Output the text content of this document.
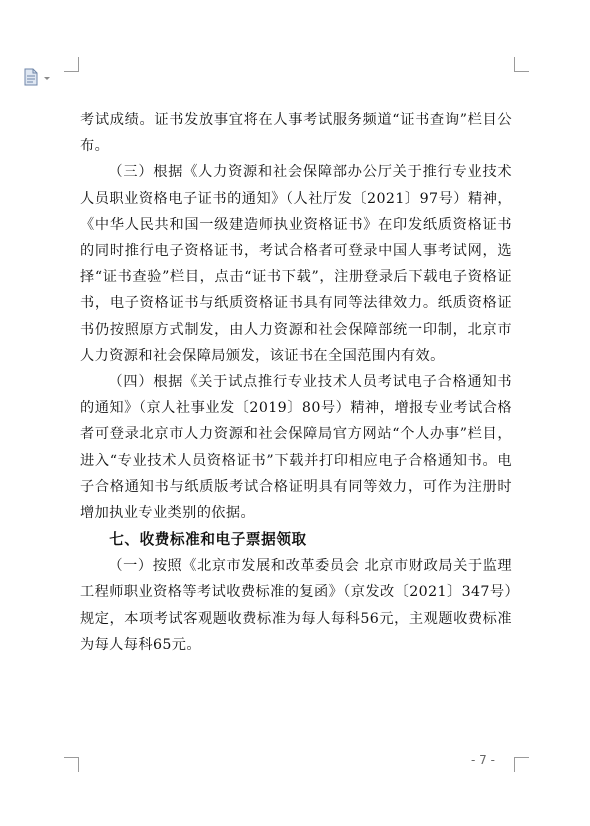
考试成绩。证书发放事宜将在人事考试服务频道“证书查询”栏目公布。

（三）根据《人力资源和社会保障部办公厅关于推行专业技术人员职业资格电子证书的通知》（人社厅发〔2021〕97号）精神，《中华人民共和国一级建造师执业资格证书》在印发纸质资格证书的同时推行电子资格证书，考试合格者可登录中国人事考试网，选择“证书查验”栏目，点击“证书下载”，注册登录后下载电子资格证书，电子资格证书与纸质资格证书具有同等法律效力。纸质资格证书仍按照原方式制发，由人力资源和社会保障部统一印制，北京市人力资源和社会保障局颁发，该证书在全国范围内有效。

（四）根据《关于试点推行专业技术人员考试电子合格通知书的通知》（京人社事业发〔2019〕80号）精神，增报专业考试合格者可登录北京市人力资源和社会保障局官方网站“个人办事”栏目，进入“专业技术人员资格证书”下载并打印相应电子合格通知书。电子合格通知书与纸质版考试合格证明具有同等效力，可作为注册时增加执业专业类别的依据。

七、收费标准和电子票据领取

（一）按照《北京市发展和改革委员会 北京市财政局关于监理工程师职业资格等考试收费标准的复函》（京发改〔2021〕347号）规定，本项考试客观题收费标准为每人每科56元，主观题收费标准为每人每科65元。

- 7 -
